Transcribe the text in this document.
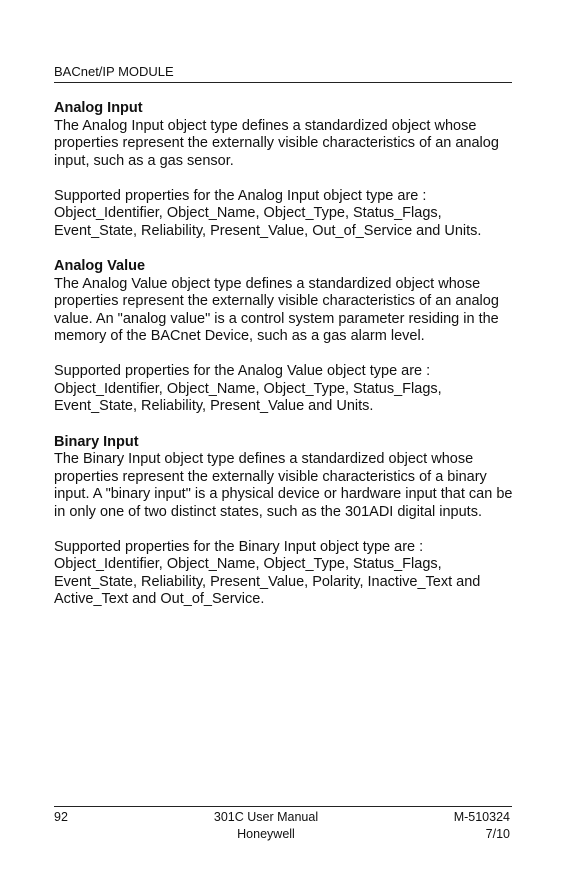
BACnet/IP MODULE
Analog Input

The Analog Input object type defines a standardized object whose properties represent the externally visible characteristics of an analog input, such as a gas sensor.

Supported properties for the Analog Input object type are : Object_Identifier, Object_Name, Object_Type, Status_Flags, Event_State, Reliability, Present_Value, Out_of_Service and Units.

Analog Value

The Analog Value object type defines a standardized object whose properties represent the externally visible characteristics of an analog value. An "analog value" is a control system parameter residing in the memory of the BACnet Device, such as a gas alarm level.

Supported properties for the Analog Value object type are : Object_Identifier, Object_Name, Object_Type, Status_Flags, Event_State, Reliability, Present_Value and Units.

Binary Input

The Binary Input object type defines a standardized object whose properties represent the externally visible characteristics of a binary input. A "binary input" is a physical device or hardware input that can be in only one of two distinct states, such as the 301ADI digital inputs.

Supported properties for the Binary Input object type are : Object_Identifier, Object_Name, Object_Type, Status_Flags, Event_State, Reliability, Present_Value, Polarity, Inactive_Text and Active_Text and Out_of_Service.

92	301C User Manual
Honeywell
M-510324
7/10
